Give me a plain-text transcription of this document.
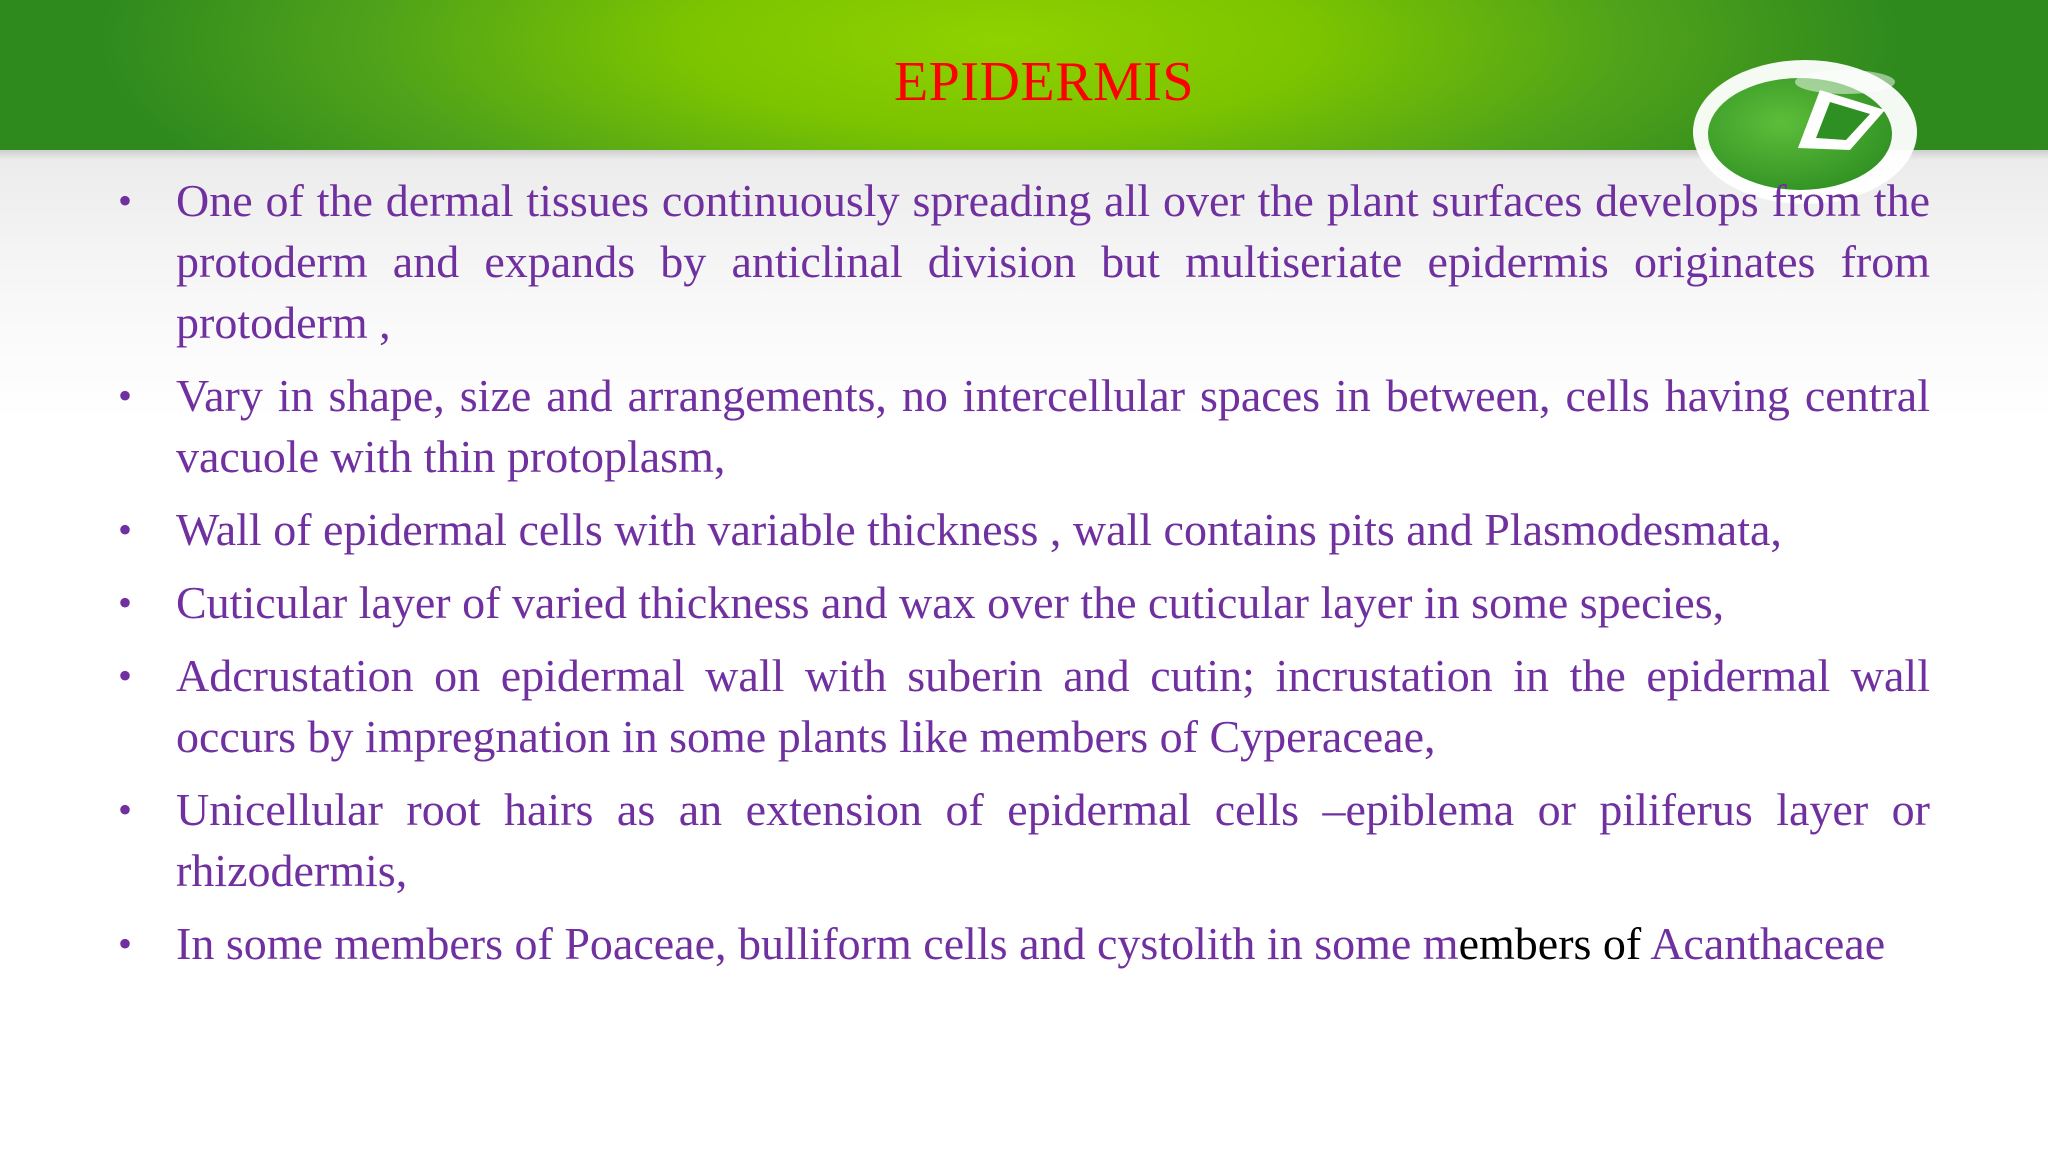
EPIDERMIS
• One of the dermal tissues continuously spreading all over the plant surfaces develops from the protoderm and expands by anticlinal division but multiseriate epidermis originates from protoderm ,
• Vary in shape, size and arrangements, no intercellular spaces in between, cells having central vacuole with thin protoplasm,
• Wall of epidermal cells with variable thickness , wall contains pits and Plasmodesmata,
• Cuticular layer of varied thickness and wax over the cuticular layer in some species,
• Adcrustation on epidermal wall with suberin and cutin; incrustation in the epidermal wall occurs by impregnation in some plants like members of Cyperaceae,
• Unicellular root hairs as an extension of epidermal cells –epiblema or piliferus layer or rhizodermis,
• In some members of Poaceae, bulliform cells and cystolith in some members of Acanthaceae
